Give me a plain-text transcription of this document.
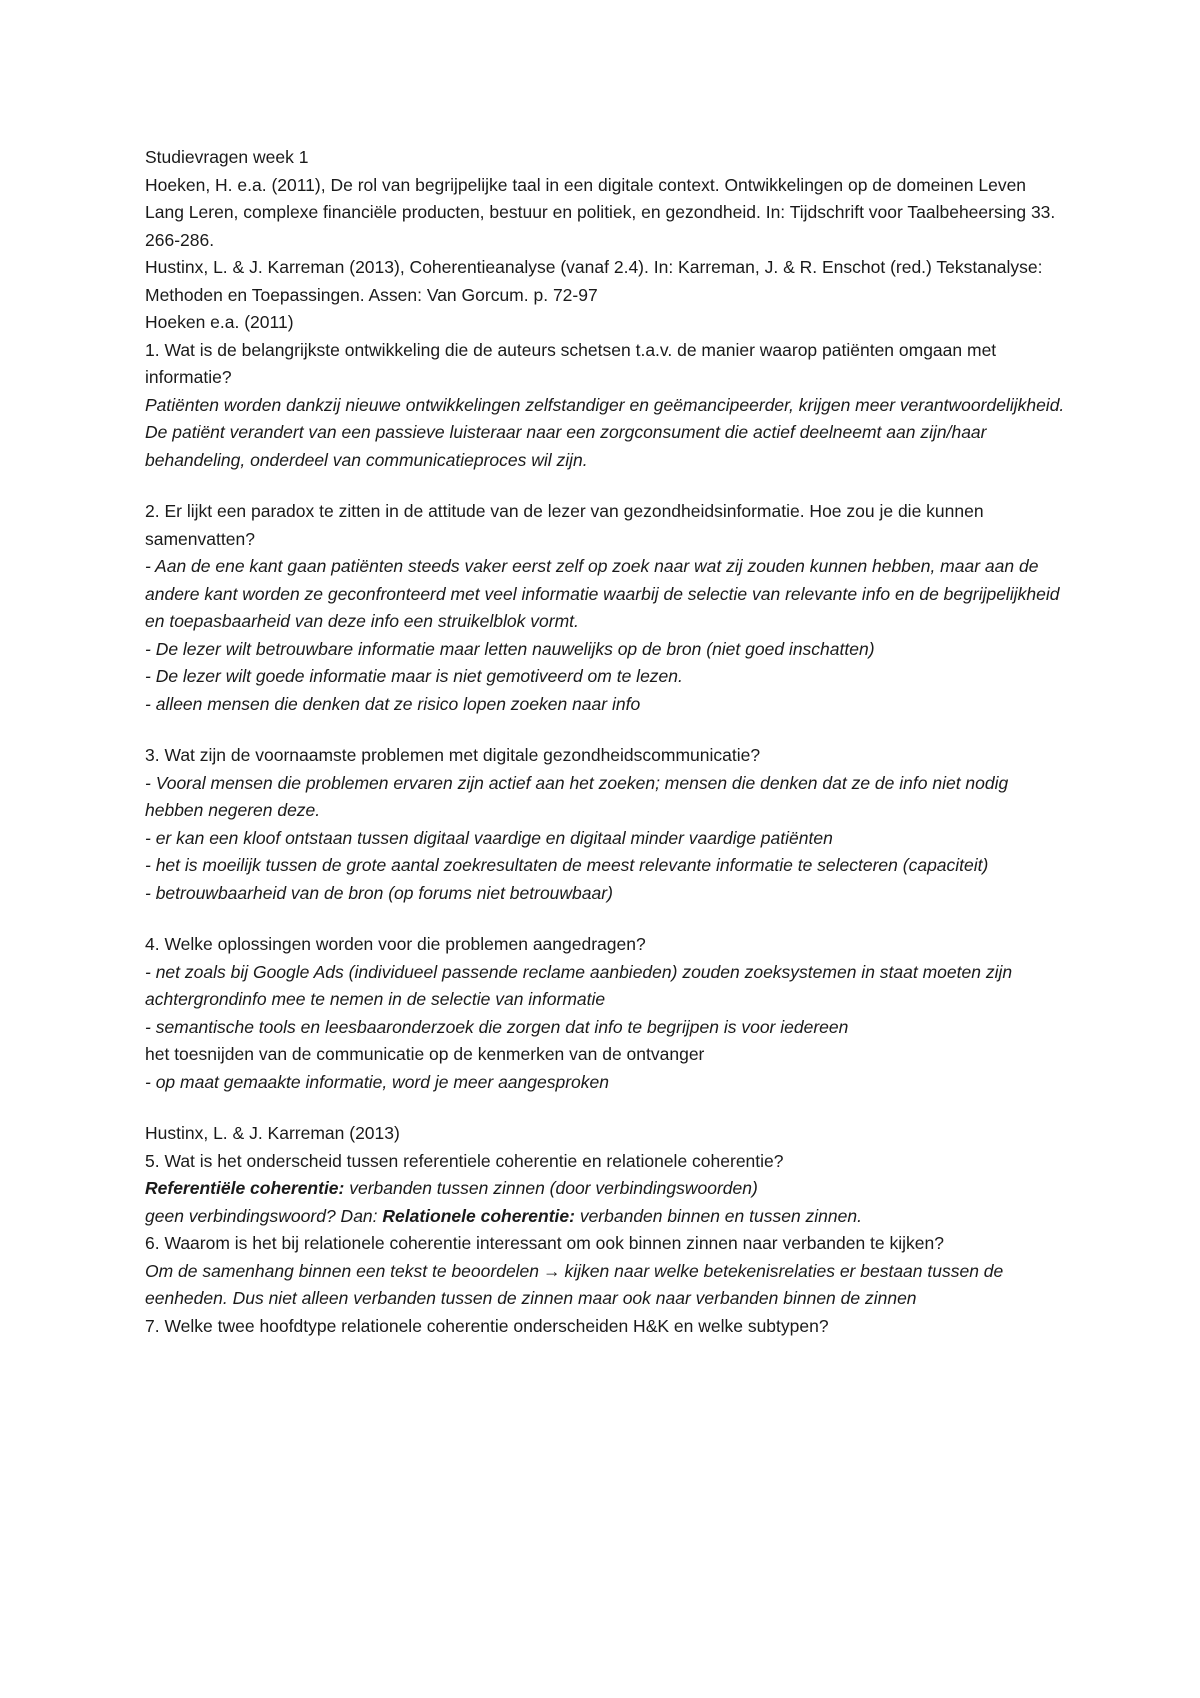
Studievragen week 1

Hoeken, H. e.a. (2011), De rol van begrijpelijke taal in een digitale context. Ontwikkelingen op de domeinen Leven Lang Leren, complexe financiële producten, bestuur en politiek, en gezondheid. In: Tijdschrift voor Taalbeheersing 33. 266-286.

Hustinx, L. & J. Karreman (2013), Coherentieanalyse (vanaf 2.4). In: Karreman, J. & R. Enschot (red.) Tekstanalyse: Methoden en Toepassingen. Assen: Van Gorcum. p. 72-97

Hoeken e.a. (2011)

1. Wat is de belangrijkste ontwikkeling die de auteurs schetsen t.a.v. de manier waarop patiënten omgaan met informatie?

Patiënten worden dankzij nieuwe ontwikkelingen zelfstandiger en geëmancipeerder, krijgen meer verantwoordelijkheid. De patiënt verandert van een passieve luisteraar naar een zorgconsument die actief deelneemt aan zijn/haar behandeling, onderdeel van communicatieproces wil zijn.

2. Er lijkt een paradox te zitten in de attitude van de lezer van gezondheidsinformatie. Hoe zou je die kunnen samenvatten?

- Aan de ene kant gaan patiënten steeds vaker eerst zelf op zoek naar wat zij zouden kunnen hebben, maar aan de andere kant worden ze geconfronteerd met veel informatie waarbij de selectie van relevante info en de begrijpelijkheid en toepasbaarheid van deze info een struikelblok vormt.

- De lezer wilt betrouwbare informatie maar letten nauwelijks op de bron (niet goed inschatten)

- De lezer wilt goede informatie maar is niet gemotiveerd om te lezen.

- alleen mensen die denken dat ze risico lopen zoeken naar info

3. Wat zijn de voornaamste problemen met digitale gezondheidscommunicatie?

- Vooral mensen die problemen ervaren zijn actief aan het zoeken; mensen die denken dat ze de info niet nodig hebben negeren deze.

- er kan een kloof ontstaan tussen digitaal vaardige en digitaal minder vaardige patiënten

- het is moeilijk tussen de grote aantal zoekresultaten de meest relevante informatie te selecteren (capaciteit)

- betrouwbaarheid van de bron (op forums niet betrouwbaar)

4. Welke oplossingen worden voor die problemen aangedragen?

- net zoals bij Google Ads (individueel passende reclame aanbieden) zouden zoeksystemen in staat moeten zijn achtergrondinfo mee te nemen in de selectie van informatie

- semantische tools en leesbaaronderzoek die zorgen dat info te begrijpen is voor iedereen

het toesnijden van de communicatie op de kenmerken van de ontvanger

- op maat gemaakte informatie, word je meer aangesproken

Hustinx, L. & J. Karreman (2013)

5. Wat is het onderscheid tussen referentiele coherentie en relationele coherentie?

Referentiële coherentie: verbanden tussen zinnen (door verbindingswoorden)

geen verbindingswoord? Dan: Relationele coherentie: verbanden binnen en tussen zinnen.

6. Waarom is het bij relationele coherentie interessant om ook binnen zinnen naar verbanden te kijken?

Om de samenhang binnen een tekst te beoordelen → kijken naar welke betekenisrelaties er bestaan tussen de eenheden. Dus niet alleen verbanden tussen de zinnen maar ook naar verbanden binnen de zinnen

7. Welke twee hoofdtype relationele coherentie onderscheiden H&K en welke subtypen?
